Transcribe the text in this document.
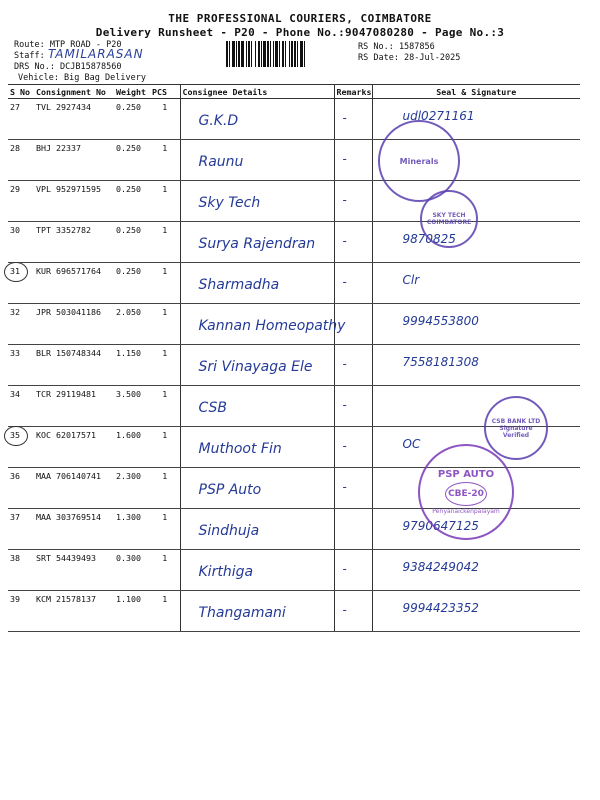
THE PROFESSIONAL COURIERS, COIMBATORE
Delivery Runsheet - P20 - Phone No.:9047080280 - Page No.:3
Route: MTP ROAD - P20
Staff: TAMILARASAN
DRS No.: DCJB15878560
Vehicle: Big Bag Delivery
RS No.: 1587856
RS Date: 28-Jul-2025
S No	Consignment No	Weight	PCS	Consignee Details	Remarks	Seal & Signature
27	TVL 2927434	0.250	1	G.K.D	-	udl0271161

28	BHJ 22337	0.250	1	Raunu	-	

29	VPL 952971595	0.250	1	Sky Tech	-	

30	TPT 3352782	0.250	1	Surya Rajendran	-	9870825

31	KUR 696571764	0.250	1	Sharmadha	-	Clr

32	JPR 503041186	2.050	1	Kannan Homeopathy		9994553800

33	BLR 150748344	1.150	1	Sri Vinayaga Ele	-	7558181308

34	TCR 29119481	3.500	1	CSB	-	

35	KOC 62017571	1.600	1	Muthoot Fin	-	OC

36	MAA 706140741	2.300	1	PSP Auto	-	

37	MAA 303769514	1.300	1	Sindhuja		9790647125

38	SRT 54439493	0.300	1	Kirthiga	-	9384249042

39	KCM 21578137	1.100	1	Thangamani	-	9994423352
Minerals
SKY TECH COIMBATORE
CSB BANK LTD Signature Verified
PSP AUTO
CBE-20
Periyanaickenpalayam
